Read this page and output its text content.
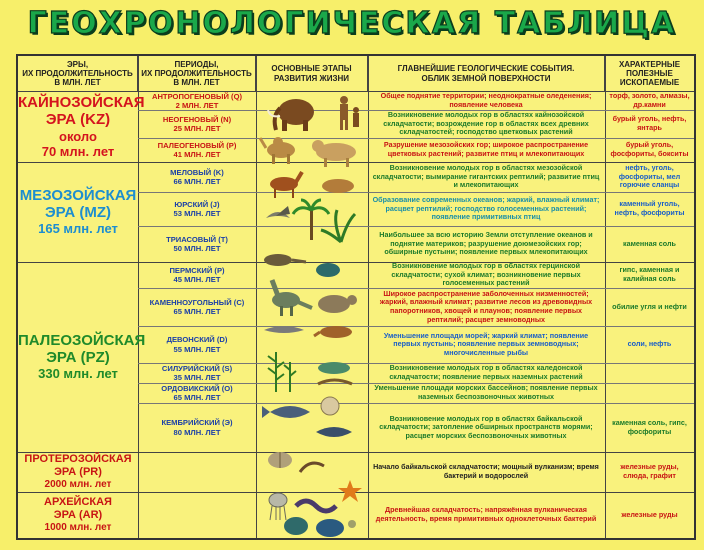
ГЕОХРОНОЛОГИЧЕСКАЯ ТАБЛИЦА
ЭРЫ,
ИХ ПРОДОЛЖИТЕЛЬНОСТЬ
В МЛН. ЛЕТ
ПЕРИОДЫ,
ИХ ПРОДОЛЖИТЕЛЬНОСТЬ
В МЛН. ЛЕТ
ОСНОВНЫЕ ЭТАПЫ
РАЗВИТИЯ ЖИЗНИ
ГЛАВНЕЙШИЕ ГЕОЛОГИЧЕСКИЕ СОБЫТИЯ.
ОБЛИК ЗЕМНОЙ ПОВЕРХНОСТИ
ХАРАКТЕРНЫЕ
ПОЛЕЗНЫЕ
ИСКОПАЕМЫЕ
КАЙНОЗОЙСКАЯ
ЭРА (KZ)
около
70 млн. лет
МЕЗОЗОЙСКАЯ
ЭРА (MZ)
165 млн. лет
ПАЛЕОЗОЙСКАЯ
ЭРА (PZ)
330 млн. лет
ПРОТЕРОЗОЙСКАЯ
ЭРА (PR)
2000 млн. лет
АРХЕЙСКАЯ
ЭРА (AR)
1000 млн. лет
АНТРОПОГЕНОВЫЙ (Q)
2 МЛН. ЛЕТ
Общее поднятие территории; неоднократные оледенения; появление человека
торф, золото, алмазы, др.камни
НЕОГЕНОВЫЙ (N)
25 МЛН. ЛЕТ
Возникновение молодых гор в областях кайнозойской складчатости; возрождение гор в областях всех древних складчатостей; господство цветковых растений
бурый уголь, нефть, янтарь
ПАЛЕОГЕНОВЫЙ (P)
41 МЛН. ЛЕТ
Разрушение мезозойских гор; широкое распространение цветковых растений; развитие птиц и млекопитающих
бурый уголь, фосфориты, бокситы
МЕЛОВЫЙ (K)
66 МЛН. ЛЕТ
Возникновение молодых гор в областях мезозойской складчатости; вымирание гигантских рептилий; развитие птиц и млекопитающих
нефть, уголь, фосфориты, мел горючие сланцы
ЮРСКИЙ (J)
53 МЛН. ЛЕТ
Образование современных океанов; жаркий, влажный климат; расцвет рептилий; господство голосеменных растений; появление примитивных птиц
каменный уголь, нефть, фосфориты
ТРИАСОВЫЙ (T)
50 МЛН. ЛЕТ
Наибольшее за всю историю Земли отступление океанов и поднятие материков; разрушение доюмезойских гор; обширные пустыни; появление первых млекопитающих
каменная соль
ПЕРМСКИЙ (P)
45 МЛН. ЛЕТ
Возникновение молодых гор в областях герцинской складчатости; сухой климат; возникновение первых голосеменных растений
гипс, каменная и калийная соль
КАМЕННОУГОЛЬНЫЙ (C)
65 МЛН. ЛЕТ
Широкое распространение заболоченных низменностей; жаркий, влажный климат; развитие лесов из древовидных папоротников, хвощей и плаунов; появление первых рептилий; расцвет земноводных
обилие угля и нефти
ДЕВОНСКИЙ (D)
55 МЛН. ЛЕТ
Уменьшение площади морей; жаркий климат; появление первых пустынь; появление первых земноводных; многочисленные рыбы
соли, нефть
СИЛУРИЙСКИЙ (S)
35 МЛН. ЛЕТ
Возникновение молодых гор в областях каледонской складчатости; появление первых наземных растений
ОРДОВИКСКИЙ (O)
65 МЛН. ЛЕТ
Уменьшение площади морских бассейнов; появление первых наземных беспозвоночных животных
КЕМБРИЙСКИЙ (Э)
80 МЛН. ЛЕТ
Возникновение молодых гор в областях байкальской складчатости; затопление обширных пространств морями; расцвет морских беспозвоночных животных
каменная соль, гипс, фосфориты
Начало байкальской складчатости; мощный вулканизм; время бактерий и водорослей
железные руды, слюда, графит
Древнейшая складчатость; напряжённая вулканическая деятельность, время примитивных одноклеточных бактерий	железные руды
